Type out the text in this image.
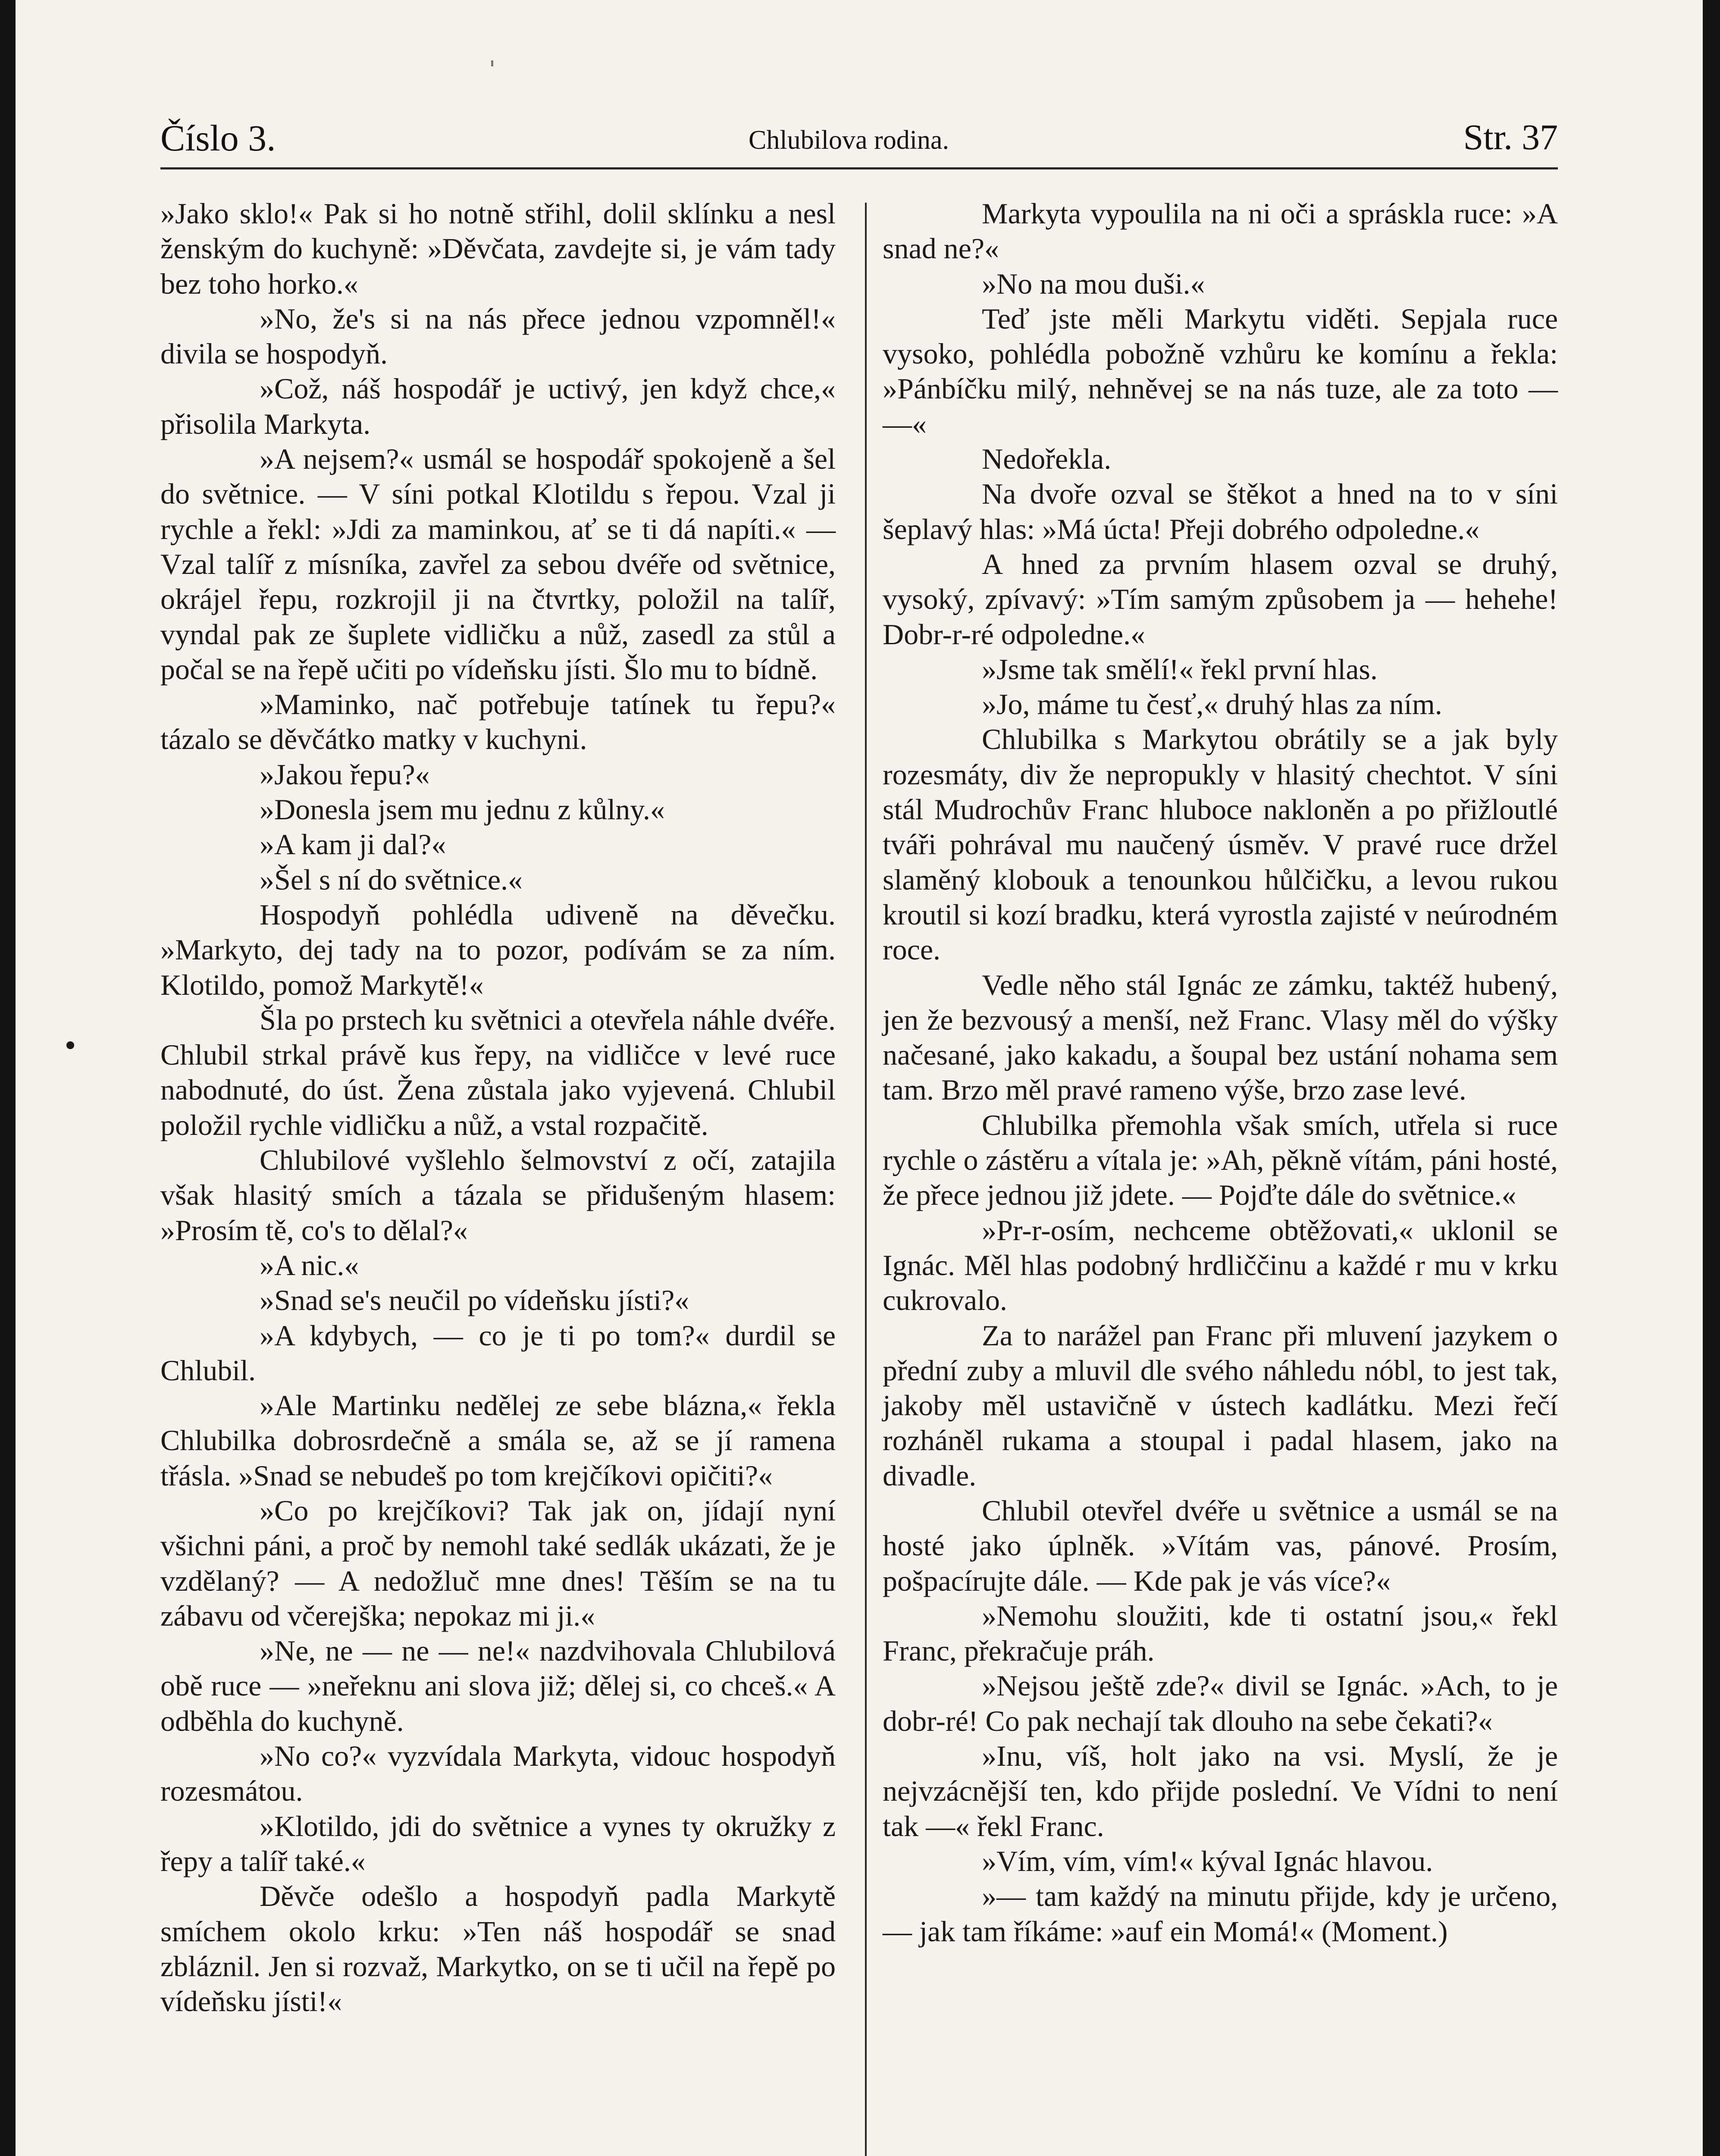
Číslo 3.	Chlubilova rodina.	Str. 37

»Jako sklo!« Pak si ho notně střihl, dolil sklínku a nesl ženským do kuchyně: »Děvčata, zavdejte si, je vám tady bez toho horko.«

»No, že's si na nás přece jednou vzpomněl!« divila se hospodyň.

»Což, náš hospodář je uctivý, jen když chce,« přisolila Markyta.

»A nejsem?« usmál se hospodář spokojeně a šel do světnice. — V síni potkal Klotildu s řepou. Vzal ji rychle a řekl: »Jdi za maminkou, ať se ti dá napíti.« — Vzal talíř z mísníka, zavřel za sebou dvéře od světnice, okrájel řepu, rozkrojil ji na čtvrtky, položil na talíř, vyndal pak ze šuplete vidličku a nůž, zasedl za stůl a počal se na řepě učiti po vídeňsku jísti. Šlo mu to bídně.

»Maminko, nač potřebuje tatínek tu řepu?« tázalo se děvčátko matky v kuchyni.

»Jakou řepu?«

»Donesla jsem mu jednu z kůlny.«

»A kam ji dal?«

»Šel s ní do světnice.«

Hospodyň pohlédla udiveně na děvečku. »Markyto, dej tady na to pozor, podívám se za ním. Klotildo, pomož Markytě!«

Šla po prstech ku světnici a otevřela náhle dvéře. Chlubil strkal právě kus řepy, na vidličce v levé ruce nabodnuté, do úst. Žena zůstala jako vyjevená. Chlubil položil rychle vidličku a nůž, a vstal rozpačitě.

Chlubilové vyšlehlo šelmovství z očí, zatajila však hlasitý smích a tázala se přidušeným hlasem: »Prosím tě, co's to dělal?«

»A nic.«

»Snad se's neučil po vídeňsku jísti?«

»A kdybych, — co je ti po tom?« durdil se Chlubil.

»Ale Martinku nedělej ze sebe blázna,« řekla Chlubilka dobrosrdečně a smála se, až se jí ramena třásla. »Snad se nebudeš po tom krejčíkovi opičiti?«

»Co po krejčíkovi? Tak jak on, jídají nyní všichni páni, a proč by nemohl také sedlák ukázati, že je vzdělaný? — A nedožluč mne dnes! Těším se na tu zábavu od včerejška; nepokaz mi ji.«

»Ne, ne — ne — ne!« nazdvihovala Chlubilová obě ruce — »neřeknu ani slova již; dělej si, co chceš.« A odběhla do kuchyně.

»No co?« vyzvídala Markyta, vidouc hospodyň rozesmátou.

»Klotildo, jdi do světnice a vynes ty okružky z řepy a talíř také.«

Děvče odešlo a hospodyň padla Markytě smíchem okolo krku: »Ten náš hospodář se snad zbláznil. Jen si rozvaž, Markytko, on se ti učil na řepě po vídeňsku jísti!«

Markyta vypoulila na ni oči a spráskla ruce: »A snad ne?«

»No na mou duši.«

Teď jste měli Markytu viděti. Sepjala ruce vysoko, pohlédla pobožně vzhůru ke komínu a řekla: »Pánbíčku milý, nehněvej se na nás tuze, ale za toto — —«

Nedořekla.

Na dvoře ozval se štěkot a hned na to v síni šeplavý hlas: »Má úcta! Přeji dobrého odpoledne.«

A hned za prvním hlasem ozval se druhý, vysoký, zpívavý: »Tím samým způsobem ja — hehehe! Dobr-r-ré odpoledne.«

»Jsme tak smělí!« řekl první hlas.

»Jo, máme tu česť,« druhý hlas za ním.

Chlubilka s Markytou obrátily se a jak byly rozesmáty, div že nepropukly v hlasitý chechtot. V síni stál Mudrochův Franc hluboce nakloněn a po přižloutlé tváři pohrával mu naučený úsměv. V pravé ruce držel slaměný klobouk a tenounkou hůlčičku, a levou rukou kroutil si kozí bradku, která vyrostla zajisté v neúrodném roce.

Vedle něho stál Ignác ze zámku, taktéž hubený, jen že bezvousý a menší, než Franc. Vlasy měl do výšky načesané, jako kakadu, a šoupal bez ustání nohama sem tam. Brzo měl pravé rameno výše, brzo zase levé.

Chlubilka přemohla však smích, utřela si ruce rychle o zástěru a vítala je: »Ah, pěkně vítám, páni hosté, že přece jednou již jdete. — Pojďte dále do světnice.«

»Pr-r-osím, nechceme obtěžovati,« uklonil se Ignác. Měl hlas podobný hrdliččinu a každé r mu v krku cukrovalo.

Za to narážel pan Franc při mluvení jazykem o přední zuby a mluvil dle svého náhledu nóbl, to jest tak, jakoby měl ustavičně v ústech kadlátku. Mezi řečí rozháněl rukama a stoupal i padal hlasem, jako na divadle.

Chlubil otevřel dvéře u světnice a usmál se na hosté jako úplněk. »Vítám vas, pánové. Prosím, pošpacírujte dále. — Kde pak je vás více?«

»Nemohu sloužiti, kde ti ostatní jsou,« řekl Franc, překračuje práh.

»Nejsou ještě zde?« divil se Ignác. »Ach, to je dobr-ré! Co pak nechají tak dlouho na sebe čekati?«

»Inu, víš, holt jako na vsi. Myslí, že je nejvzácnější ten, kdo přijde poslední. Ve Vídni to není tak —« řekl Franc.

»Vím, vím, vím!« kýval Ignác hlavou.

»— tam každý na minutu přijde, kdy je určeno, — jak tam říkáme: »auf ein Momá!« (Moment.)
